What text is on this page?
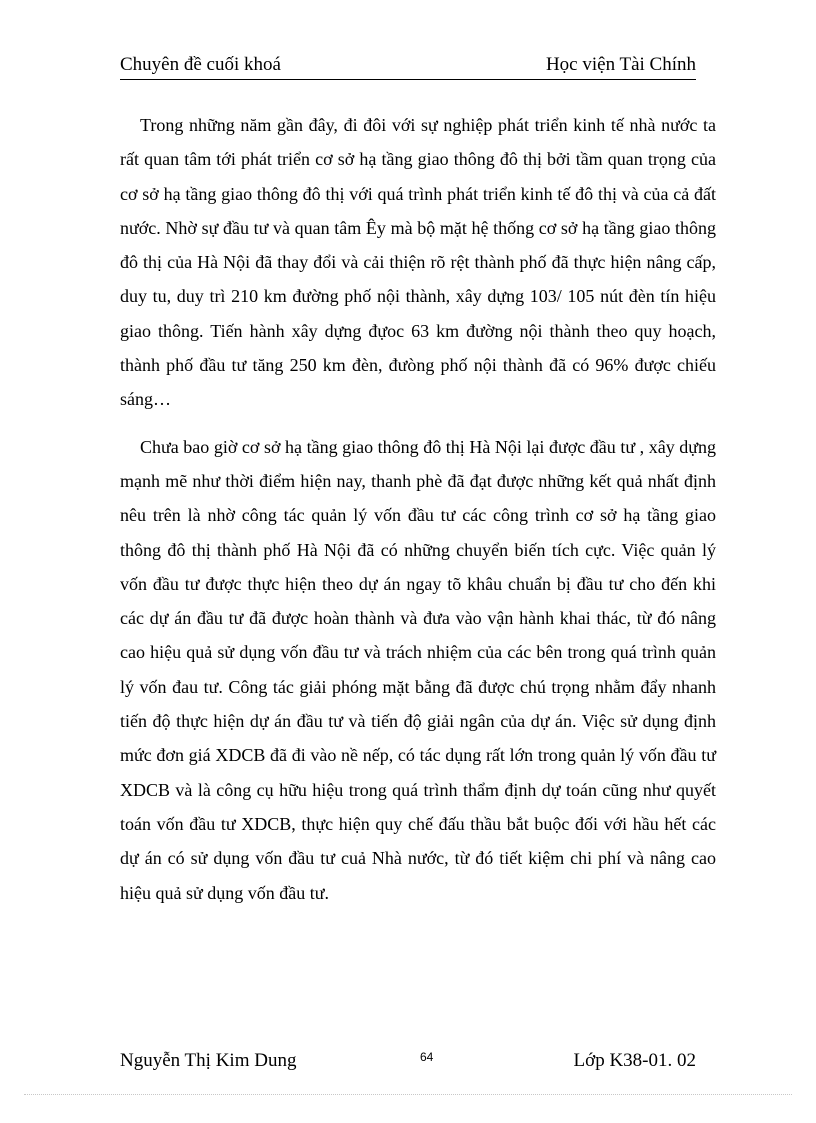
Chuyên đề cuối khoá	Học viện Tài Chính

Trong những năm gần đây, đi đôi với sự nghiệp phát triển kinh tế nhà nước ta rất quan tâm tới phát triển cơ sở hạ tầng giao thông đô thị bởi tầm quan trọng của cơ sở hạ tầng giao thông đô thị với quá trình phát triển kinh tế đô thị và của cả đất nước. Nhờ sự đầu tư và quan tâm Êy mà bộ mặt hệ thống cơ sở hạ tầng giao thông đô thị của Hà Nội đã thay đổi và cải thiện rõ rệt thành phố đã thực hiện nâng cấp, duy tu, duy trì 210 km đường phố nội thành, xây dựng 103/ 105 nút đèn tín hiệu giao thông. Tiến hành xây dựng đựoc 63 km đường nội thành theo quy hoạch, thành phố đầu tư tăng 250 km đèn, đưòng phố nội thành đã có 96% được chiếu sáng…

Chưa bao giờ cơ sở hạ tầng giao thông đô thị Hà Nội lại được đầu tư , xây dựng mạnh mẽ như thời điểm hiện nay, thanh phè đã đạt được những kết quả nhất định nêu trên là nhờ công tác quản lý vốn đầu tư các công trình cơ sở hạ tầng giao thông đô thị thành phố Hà Nội đã có những chuyển biến tích cực. Việc quản lý vốn đầu tư được thực hiện theo dự án ngay tõ khâu chuẩn bị đầu tư cho đến khi các dự án đầu tư đã được hoàn thành và đưa vào vận hành khai thác, từ đó nâng cao hiệu quả sử dụng vốn đầu tư và trách nhiệm của các bên trong quá trình quản lý vốn đau tư. Công tác giải phóng mặt bằng đã được chú trọng nhằm đẩy nhanh tiến độ thực hiện dự án đầu tư và tiến độ giải ngân của dự án. Việc sử dụng định mức đơn giá XDCB đã đi vào nề nếp, có tác dụng rất lớn trong quản lý vốn đầu tư XDCB và là công cụ hữu hiệu trong quá trình thẩm định dự toán cũng như quyết toán vốn đầu tư XDCB, thực hiện quy chế đấu thầu bắt buộc đối với hầu hết các dự án có sử dụng vốn đầu tư cuả Nhà nước, từ đó tiết kiệm chi phí và nâng cao hiệu quả sử dụng vốn đầu tư.

Nguyễn Thị Kim Dung	64	Lớp K38-01. 02
